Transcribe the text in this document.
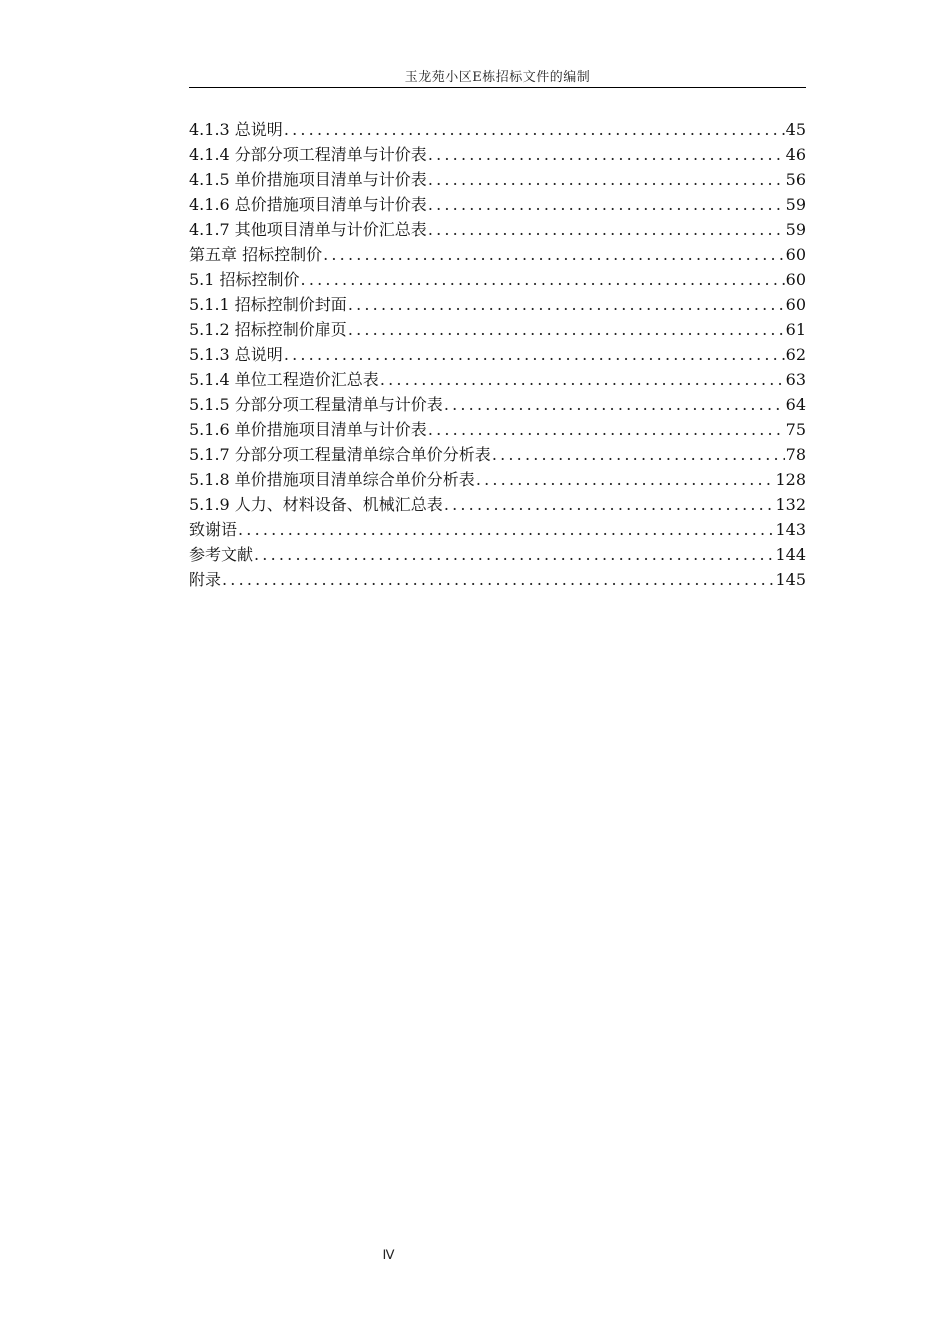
玉龙苑小区E栋招标文件的编制
4.1.3 总说明 .....	45
4.1.4 分部分项工程清单与计价表 .....	46
4.1.5 单价措施项目清单与计价表 .....	56
4.1.6 总价措施项目清单与计价表 .....	59
4.1.7 其他项目清单与计价汇总表 .....	59
第五章 招标控制价 .....	60
5.1 招标控制价 .....	60
5.1.1 招标控制价封面 .....	60
5.1.2 招标控制价扉页 .....	61
5.1.3 总说明 .....	62
5.1.4 单位工程造价汇总表 .....	63
5.1.5 分部分项工程量清单与计价表 .....	64
5.1.6 单价措施项目清单与计价表 .....	75
5.1.7 分部分项工程量清单综合单价分析表 .....	78
5.1.8 单价措施项目清单综合单价分析表 .....	128
5.1.9 人力、材料设备、机械汇总表 .....	132
致谢语 .....	143
参考文献 .....	144
附录 .....	145
Ⅳ
